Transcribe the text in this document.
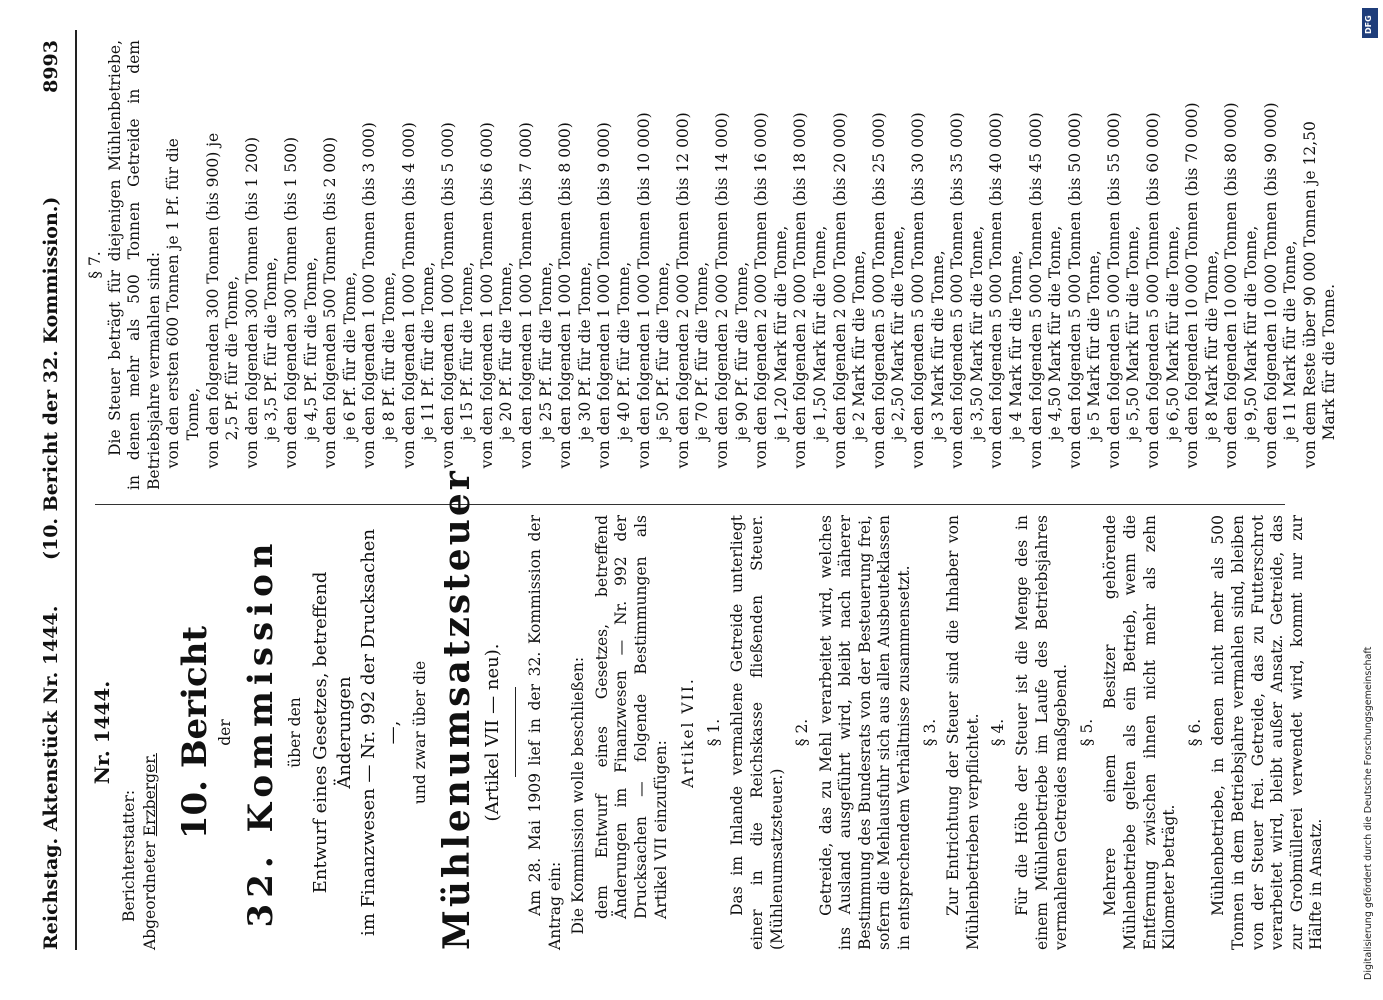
Reichstag. Aktenstück Nr. 1444.
(10. Bericht der 32. Kommission.)
8993
Nr. 1444.
Berichterstatter: Abgeordneter Erzberger. 10. Bericht der 32. Kommission über den Entwurf eines Gesetzes, betreffend Änderungen im Finanzwesen — Nr. 992 der Drucksachen —, und zwar über die Mühlenumsatzsteuer (Artikel VII — neu). Am 28. Mai 1909 lief in der 32. Kommission der Antrag ein: Die Kommission wolle beschließen: dem Entwurf eines Gesetzes, betreffend Änderungen im Finanzwesen — Nr. 992 der Drucksachen — folgende Bestimmungen als Artikel VII einzufügen:
Artikel VII. § 1. Das im Inlande vermahlene Getreide unterliegt einer in die Reichskasse fließenden Steuer. (Mühlenumsatzsteuer.)
§ 2. Getreide, das zu Mehl verarbeitet wird, welches ins Ausland ausgeführt wird, bleibt nach näherer Bestimmung des Bundesrats von der Besteuerung frei, sofern die Mehlausfuhr sich aus allen Ausbeuteklassen in entsprechendem Verhältnisse zusammensetzt. § 3. Zur Entrichtung der Steuer sind die Inhaber von Mühlenbetrieben verpflichtet. § 4. Für die Höhe der Steuer ist die Menge des in einem Mühlenbetriebe im Laufe des Betriebsjahres vermahlenen Getreides maßgebend. § 5. Mehrere einem Besitzer gehörende Mühlenbetriebe gelten als ein Betrieb, wenn die Entfernung zwischen ihnen nicht mehr als zehn Kilometer beträgt.
§ 6. Mühlenbetriebe, in denen nicht mehr als 500 Tonnen in dem Betriebsjahre vermahlen sind, bleiben von der Steuer frei. Getreide, das zu Futterschrot verarbeitet wird, bleibt außer Ansatz. Getreide, das zur Grobmüllerei verwendet wird, kommt nur zur Hälfte in Ansatz.
§ 7. Die Steuer beträgt für diejenigen Mühlenbetriebe, in denen mehr als 500 Tonnen Getreide in dem Betriebsjahre vermahlen sind: von den ersten 600 Tonnen je 1 Pf. für die Tonne, von den folgenden 300 Tonnen (bis 900) je 2,5 Pf. für die Tonne, von den folgenden 300 Tonnen (bis 1 200) je 3,5 Pf. für die Tonne, von den folgenden 300 Tonnen (bis 1 500) je 4,5 Pf. für die Tonne, von den folgenden 500 Tonnen (bis 2 000) je 6 Pf. für die Tonne, von den folgenden 1 000 Tonnen (bis 3 000) je 8 Pf. für die Tonne, von den folgenden 1 000 Tonnen (bis 4 000) je 11 Pf. für die Tonne, von den folgenden 1 000 Tonnen (bis 5 000) je 15 Pf. für die Tonne, von den folgenden 1 000 Tonnen (bis 6 000) je 20 Pf. für die Tonne, von den folgenden 1 000 Tonnen (bis 7 000) je 25 Pf. für die Tonne, von den folgenden 1 000 Tonnen (bis 8 000) je 30 Pf. für die Tonne, von den folgenden 1 000 Tonnen (bis 9 000) je 40 Pf. für die Tonne, von den folgenden 1 000 Tonnen (bis 10 000) je 50 Pf. für die Tonne, von den folgenden 2 000 Tonnen (bis 12 000) je 70 Pf. für die Tonne, von den folgenden 2 000 Tonnen (bis 14 000) je 90 Pf. für die Tonne, von den folgenden 2 000 Tonnen (bis 16 000) je 1,20 Mark für die Tonne, von den folgenden 2 000 Tonnen (bis 18 000) je 1,50 Mark für die Tonne, von den folgenden 2 000 Tonnen (bis 20 000) je 2 Mark für die Tonne, von den folgenden 5 000 Tonnen (bis 25 000) je 2,50 Mark für die Tonne, von den folgenden 5 000 Tonnen (bis 30 000) je 3 Mark für die Tonne, von den folgenden 5 000 Tonnen (bis 35 000) je 3,50 Mark für die Tonne, von den folgenden 5 000 Tonnen (bis 40 000) je 4 Mark für die Tonne, von den folgenden 5 000 Tonnen (bis 45 000) je 4,50 Mark für die Tonne, von den folgenden 5 000 Tonnen (bis 50 000) je 5 Mark für die Tonne, von den folgenden 5 000 Tonnen (bis 55 000) je 5,50 Mark für die Tonne, von den folgenden 5 000 Tonnen (bis 60 000) je 6,50 Mark für die Tonne, von den folgenden 10 000 Tonnen (bis 70 000) je 8 Mark für die Tonne, von den folgenden 10 000 Tonnen (bis 80 000) je 9,50 Mark für die Tonne, von den folgenden 10 000 Tonnen (bis 90 000) je 11 Mark für die Tonne, von dem Reste über 90 000 Tonnen je 12,50 Mark für die Tonne.
Digitalisierung gefördert durch die Deutsche Forschungsgemeinschaft
DFG
